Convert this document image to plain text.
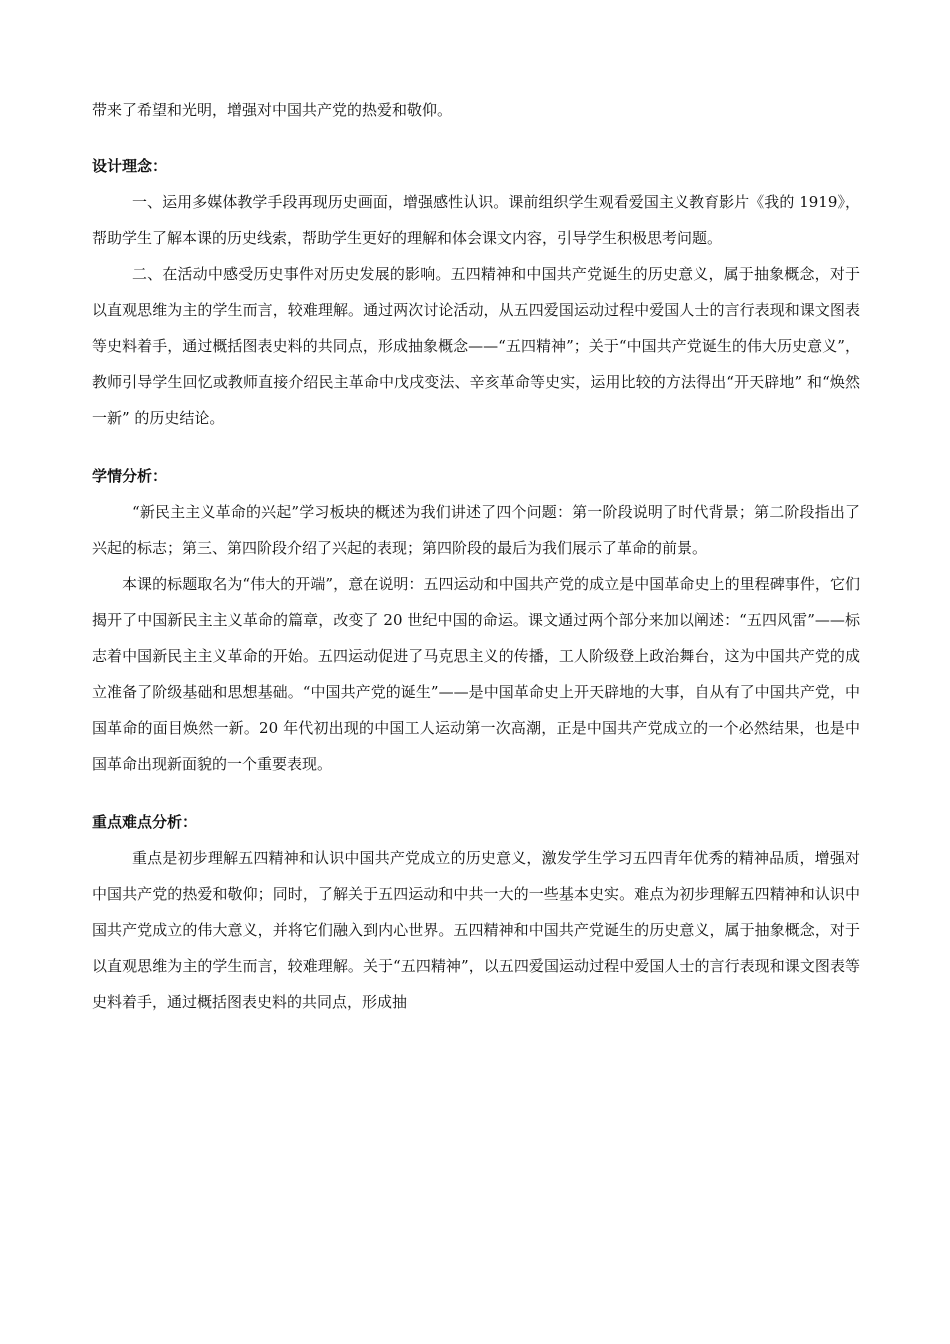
带来了希望和光明，增强对中国共产党的热爱和敬仰。

设计理念：

一、运用多媒体教学手段再现历史画面，增强感性认识。课前组织学生观看爱国主义教育影片《我的 1919》，帮助学生了解本课的历史线索，帮助学生更好的理解和体会课文内容，引导学生积极思考问题。

二、在活动中感受历史事件对历史发展的影响。五四精神和中国共产党诞生的历史意义，属于抽象概念，对于以直观思维为主的学生而言，较难理解。通过两次讨论活动，从五四爱国运动过程中爱国人士的言行表现和课文图表等史料着手，通过概括图表史料的共同点，形成抽象概念——“五四精神”；关于“中国共产党诞生的伟大历史意义”，教师引导学生回忆或教师直接介绍民主革命中戊戌变法、辛亥革命等史实，运用比较的方法得出“开天辟地” 和“焕然一新” 的历史结论。

学情分析：

“新民主主义革命的兴起”学习板块的概述为我们讲述了四个问题：第一阶段说明了时代背景；第二阶段指出了兴起的标志；第三、第四阶段介绍了兴起的表现；第四阶段的最后为我们展示了革命的前景。

本课的标题取名为“伟大的开端”，意在说明：五四运动和中国共产党的成立是中国革命史上的里程碑事件，它们揭开了中国新民主主义革命的篇章，改变了 20 世纪中国的命运。课文通过两个部分来加以阐述：“五四风雷”——标志着中国新民主主义革命的开始。五四运动促进了马克思主义的传播，工人阶级登上政治舞台，这为中国共产党的成立准备了阶级基础和思想基础。“中国共产党的诞生”——是中国革命史上开天辟地的大事，自从有了中国共产党，中国革命的面目焕然一新。20 年代初出现的中国工人运动第一次高潮，正是中国共产党成立的一个必然结果，也是中国革命出现新面貌的一个重要表现。

重点难点分析：

重点是初步理解五四精神和认识中国共产党成立的历史意义，激发学生学习五四青年优秀的精神品质，增强对中国共产党的热爱和敬仰；同时，了解关于五四运动和中共一大的一些基本史实。难点为初步理解五四精神和认识中国共产党成立的伟大意义，并将它们融入到内心世界。五四精神和中国共产党诞生的历史意义，属于抽象概念，对于以直观思维为主的学生而言，较难理解。关于“五四精神”，以五四爱国运动过程中爱国人士的言行表现和课文图表等史料着手，通过概括图表史料的共同点，形成抽
